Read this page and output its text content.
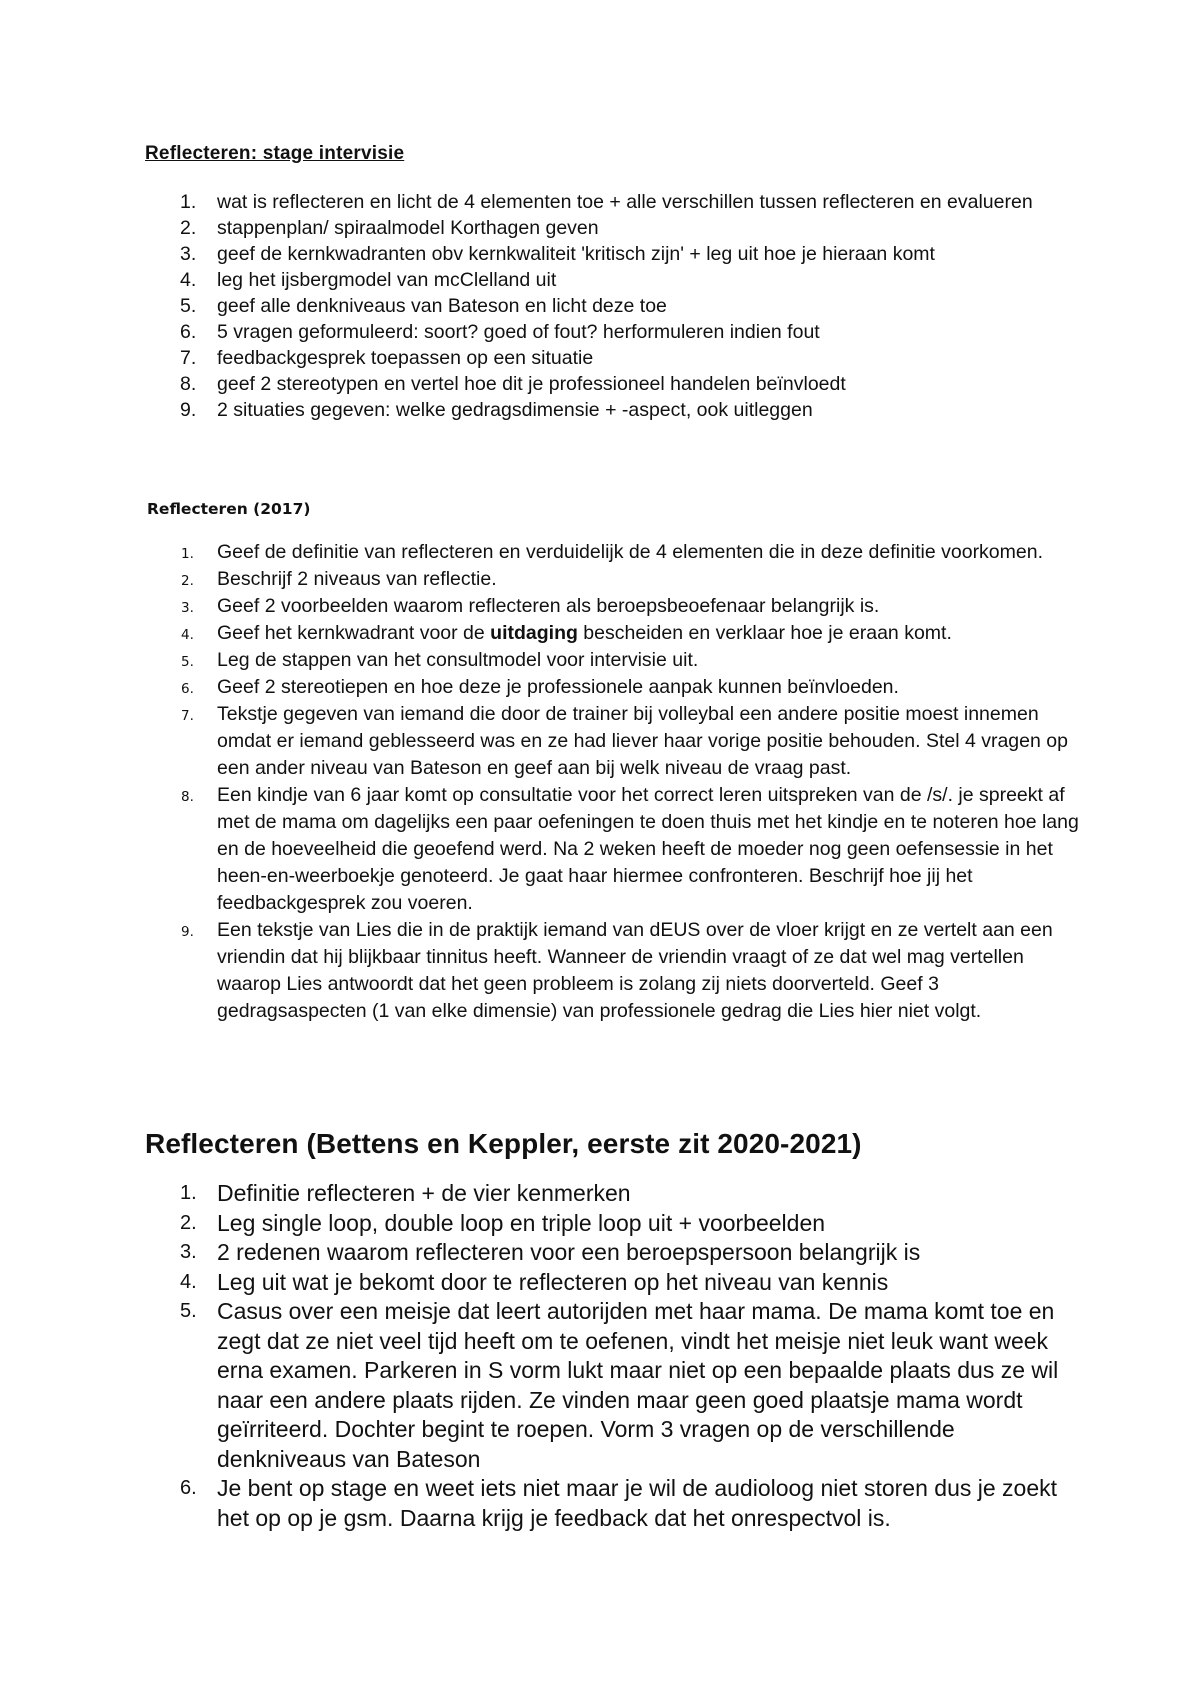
Reflecteren: stage intervisie
1. wat is reflecteren en licht de 4 elementen toe + alle verschillen tussen reflecteren en evalueren
2. stappenplan/ spiraalmodel Korthagen geven
3. geef de kernkwadranten obv kernkwaliteit 'kritisch zijn' + leg uit hoe je hieraan komt
4. leg het ijsbergmodel van mcClelland uit
5. geef alle denkniveaus van Bateson en licht deze toe
6. 5 vragen geformuleerd: soort? goed of fout? herformuleren indien fout
7. feedbackgesprek toepassen op een situatie
8. geef 2 stereotypen en vertel hoe dit je professioneel handelen beïnvloedt
9. 2 situaties gegeven: welke gedragsdimensie + -aspect, ook uitleggen
Reflecteren (2017)
1. Geef de definitie van reflecteren en verduidelijk de 4 elementen die in deze definitie voorkomen.
2. Beschrijf 2 niveaus van reflectie.
3. Geef 2 voorbeelden waarom reflecteren als beroepsbeoefenaar belangrijk is.
4. Geef het kernkwadrant voor de uitdaging bescheiden en verklaar hoe je eraan komt.
5. Leg de stappen van het consultmodel voor intervisie uit.
6. Geef 2 stereotiepen en hoe deze je professionele aanpak kunnen beïnvloeden.
7. Tekstje gegeven van iemand die door de trainer bij volleybal een andere positie moest innemen omdat er iemand geblesseerd was en ze had liever haar vorige positie behouden. Stel 4 vragen op een ander niveau van Bateson en geef aan bij welk niveau de vraag past.
8. Een kindje van 6 jaar komt op consultatie voor het correct leren uitspreken van de /s/. je spreekt af met de mama om dagelijks een paar oefeningen te doen thuis met het kindje en te noteren hoe lang en de hoeveelheid die geoefend werd. Na 2 weken heeft de moeder nog geen oefensessie in het heen-en-weerboekje genoteerd. Je gaat haar hiermee confronteren. Beschrijf hoe jij het feedbackgesprek zou voeren.
9. Een tekstje van Lies die in de praktijk iemand van dEUS over de vloer krijgt en ze vertelt aan een vriendin dat hij blijkbaar tinnitus heeft. Wanneer de vriendin vraagt of ze dat wel mag vertellen waarop Lies antwoordt dat het geen probleem is zolang zij niets doorverteld. Geef 3 gedragsaspecten (1 van elke dimensie) van professionele gedrag die Lies hier niet volgt.
Reflecteren (Bettens en Keppler, eerste zit 2020-2021)
1. Definitie reflecteren + de vier kenmerken
2. Leg single loop, double loop en triple loop uit + voorbeelden
3. 2 redenen waarom reflecteren voor een beroepspersoon belangrijk is
4. Leg uit wat je bekomt door te reflecteren op het niveau van kennis
5. Casus over een meisje dat leert autorijden met haar mama. De mama komt toe en zegt dat ze niet veel tijd heeft om te oefenen, vindt het meisje niet leuk want week erna examen. Parkeren in S vorm lukt maar niet op een bepaalde plaats dus ze wil naar een andere plaats rijden. Ze vinden maar geen goed plaatsje mama wordt geïrriteerd. Dochter begint te roepen. Vorm 3 vragen op de verschillende denkniveaus van Bateson
6. Je bent op stage en weet iets niet maar je wil de audioloog niet storen dus je zoekt het op op je gsm. Daarna krijg je feedback dat het onrespectvol is.
